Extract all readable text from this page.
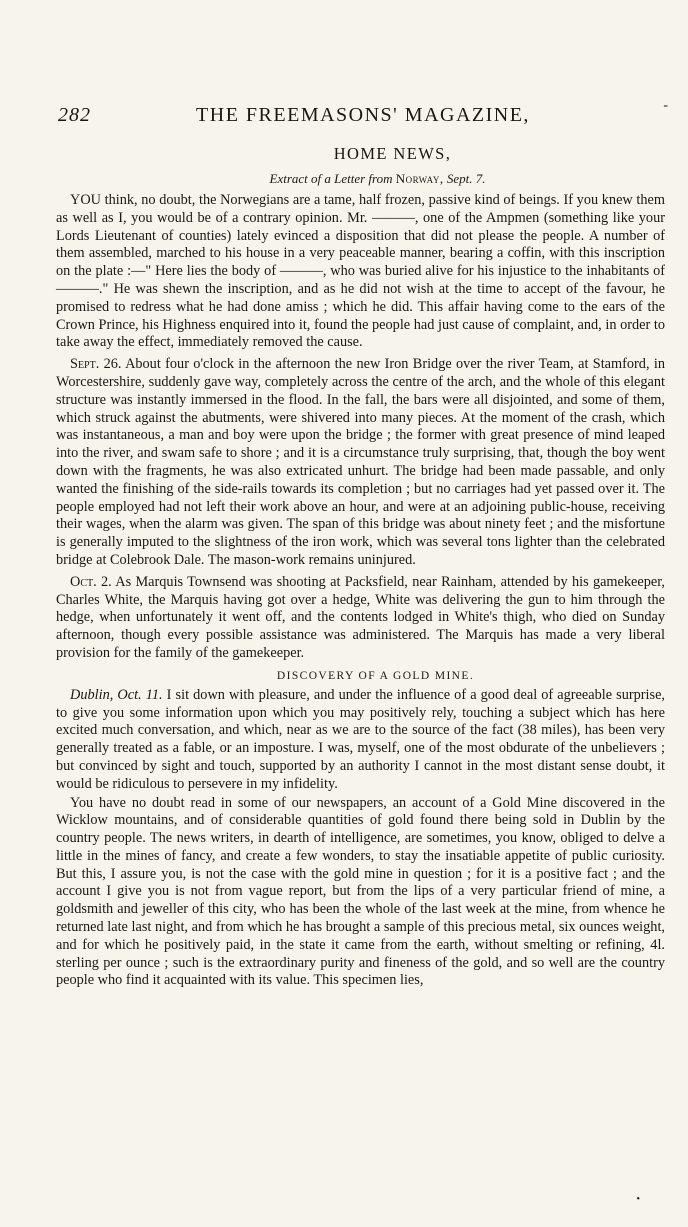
282	THE FREEMASONS' MAGAZINE,	-
HOME NEWS,
Extract of a Letter from Norway, Sept. 7.

YOU think, no doubt, the Norwegians are a tame, half frozen, passive kind of beings. If you knew them as well as I, you would be of a contrary opinion. Mr. ———, one of the Ampmen (something like your Lords Lieutenant of counties) lately evinced a disposition that did not please the people. A number of them assembled, marched to his house in a very peaceable manner, bearing a coffin, with this inscription on the plate :—" Here lies the body of ———, who was buried alive for his injustice to the inhabitants of ———." He was shewn the inscription, and as he did not wish at the time to accept of the favour, he promised to redress what he had done amiss ; which he did. This affair having come to the ears of the Crown Prince, his Highness enquired into it, found the people had just cause of complaint, and, in order to take away the effect, immediately removed the cause.

Sept. 26. About four o'clock in the afternoon the new Iron Bridge over the river Team, at Stamford, in Worcestershire, suddenly gave way, completely across the centre of the arch, and the whole of this elegant structure was instantly immersed in the flood. In the fall, the bars were all disjointed, and some of them, which struck against the abutments, were shivered into many pieces. At the moment of the crash, which was instantaneous, a man and boy were upon the bridge ; the former with great presence of mind leaped into the river, and swam safe to shore ; and it is a circumstance truly surprising, that, though the boy went down with the fragments, he was also extricated unhurt. The bridge had been made passable, and only wanted the finishing of the side-rails towards its completion ; but no carriages had yet passed over it. The people employed had not left their work above an hour, and were at an adjoining public-house, receiving their wages, when the alarm was given. The span of this bridge was about ninety feet ; and the misfortune is generally imputed to the slightness of the iron work, which was several tons lighter than the celebrated bridge at Colebrook Dale. The mason-work remains uninjured.

Oct. 2. As Marquis Townsend was shooting at Packsfield, near Rainham, attended by his gamekeeper, Charles White, the Marquis having got over a hedge, White was delivering the gun to him through the hedge, when unfortunately it went off, and the contents lodged in White's thigh, who died on Sunday afternoon, though every possible assistance was administered. The Marquis has made a very liberal provision for the family of the gamekeeper.

DISCOVERY OF A GOLD MINE.

Dublin, Oct. 11. I sit down with pleasure, and under the influence of a good deal of agreeable surprise, to give you some information upon which you may positively rely, touching a subject which has here excited much conversation, and which, near as we are to the source of the fact (38 miles), has been very generally treated as a fable, or an imposture. I was, myself, one of the most obdurate of the unbelievers ; but convinced by sight and touch, supported by an authority I cannot in the most distant sense doubt, it would be ridiculous to persevere in my infidelity.

You have no doubt read in some of our newspapers, an account of a Gold Mine discovered in the Wicklow mountains, and of considerable quantities of gold found there being sold in Dublin by the country people. The news writers, in dearth of intelligence, are sometimes, you know, obliged to delve a little in the mines of fancy, and create a few wonders, to stay the insatiable appetite of public curiosity. But this, I assure you, is not the case with the gold mine in question ; for it is a positive fact ; and the account I give you is not from vague report, but from the lips of a very particular friend of mine, a goldsmith and jeweller of this city, who has been the whole of the last week at the mine, from whence he returned late last night, and from which he has brought a sample of this precious metal, six ounces weight, and for which he positively paid, in the state it came from the earth, without smelting or refining, 4l. sterling per ounce ; such is the extraordinary purity and fineness of the gold, and so well are the country people who find it acquainted with its value. This specimen lies,

•
